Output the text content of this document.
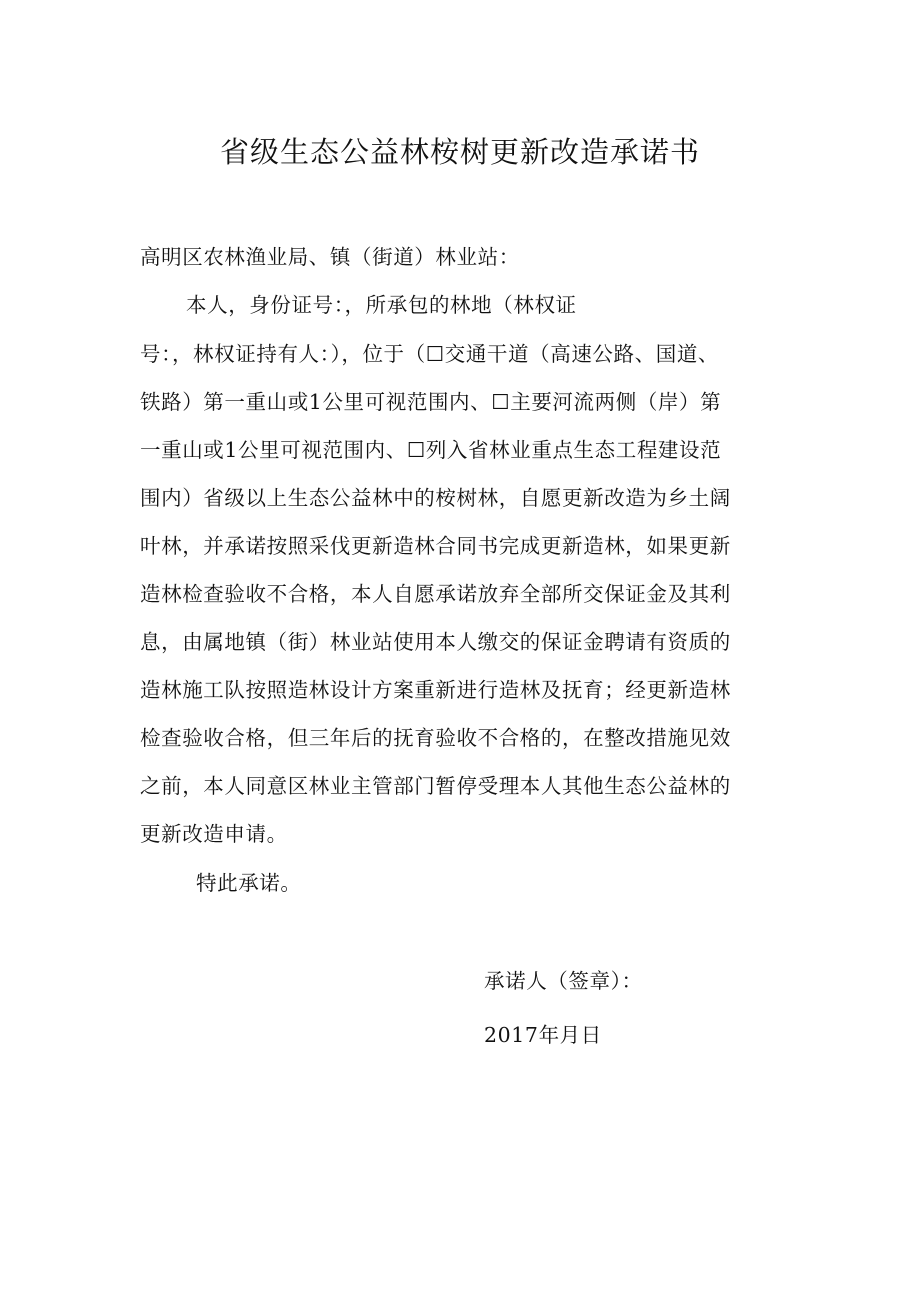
省级生态公益林桉树更新改造承诺书
高明区农林渔业局、镇（街道）林业站：
本人，身份证号：，所承包的林地（林权证
号：，林权证持有人：），位于（☐交通干道（高速公路、国道、
铁路）第一重山或1公里可视范围内、☐主要河流两侧（岸）第
一重山或1公里可视范围内、☐列入省林业重点生态工程建设范
围内）省级以上生态公益林中的桉树林，自愿更新改造为乡土阔
叶林，并承诺按照采伐更新造林合同书完成更新造林，如果更新
造林检查验收不合格，本人自愿承诺放弃全部所交保证金及其利
息，由属地镇（街）林业站使用本人缴交的保证金聘请有资质的
造林施工队按照造林设计方案重新进行造林及抚育；经更新造林
检查验收合格，但三年后的抚育验收不合格的，在整改措施见效
之前，本人同意区林业主管部门暂停受理本人其他生态公益林的
更新改造申请。
特此承诺。
承诺人（签章）：
2017年月日
